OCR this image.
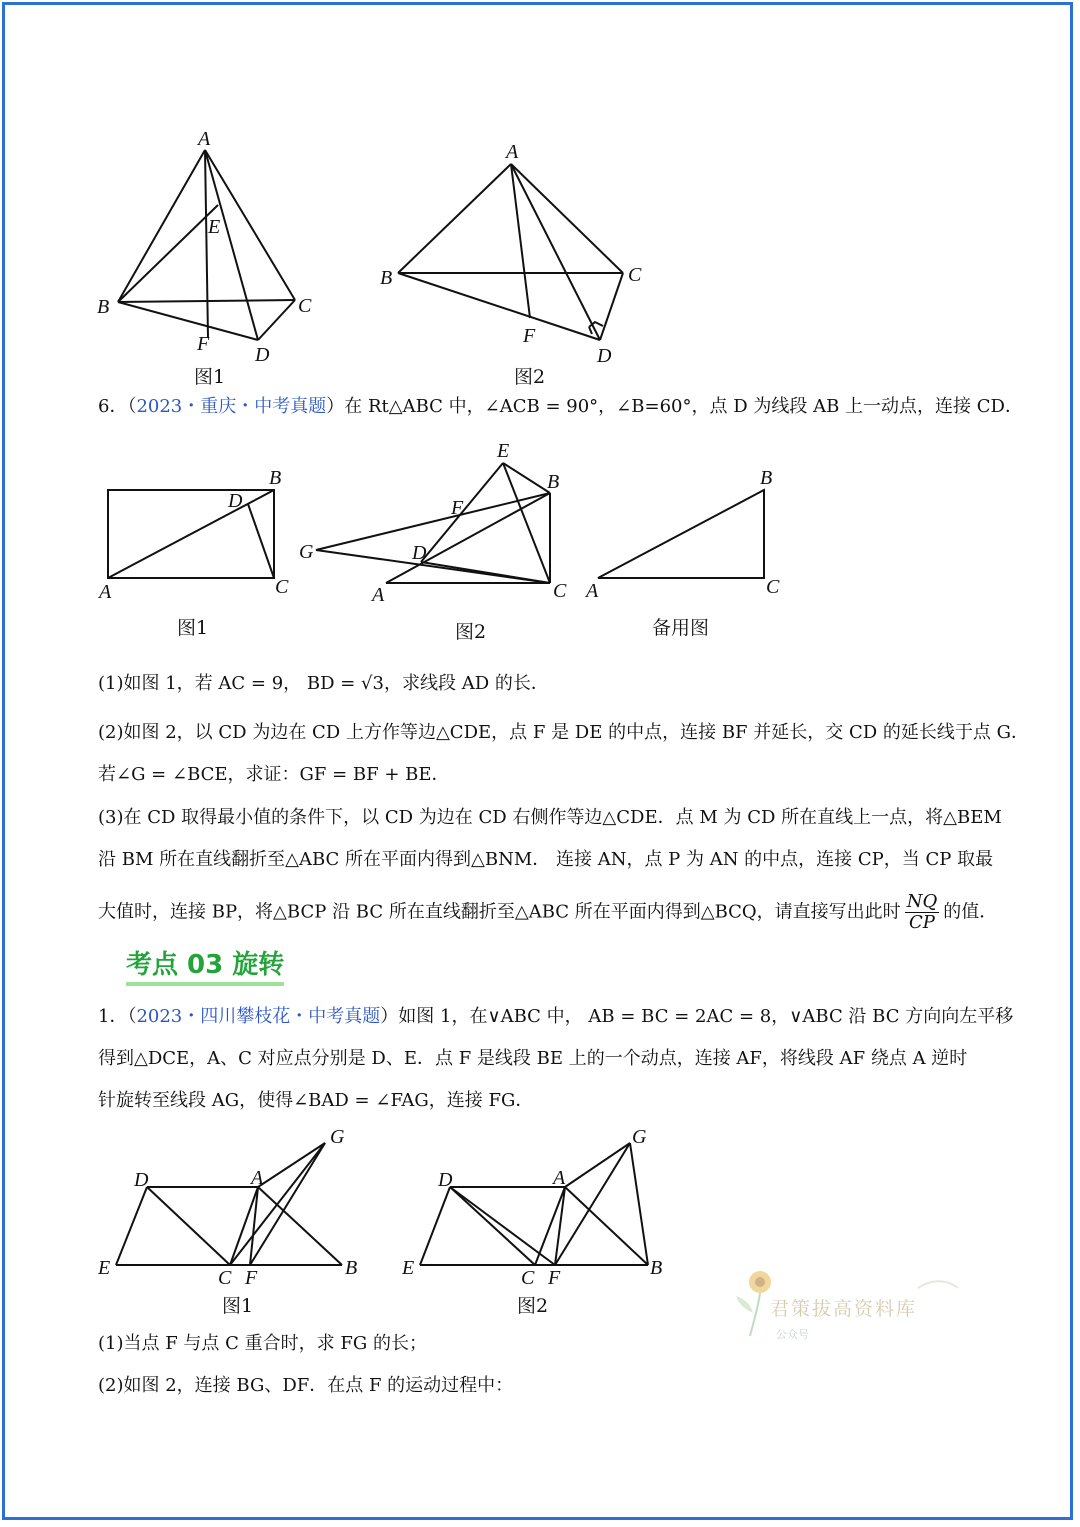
A
E
B	C
F D
图1
A
B	C
F
D
图2
6．（2023・重庆・中考真题）在 Rt△ABC 中，∠ACB = 90°，∠B=60°，点 D 为线段 AB 上一动点，连接 CD．
A
B
C
D
图1
E
B
F
G	D
A	C
图2
A
B
C
备用图
(1)如图 1，若 AC = 9， BD = √3，求线段 AD 的长．
(2)如图 2，以 CD 为边在 CD 上方作等边△CDE，点 F 是 DE 的中点，连接 BF 并延长，交 CD 的延长线于点 G．
若∠G = ∠BCE，求证：GF = BF + BE．
(3)在 CD 取得最小值的条件下，以 CD 为边在 CD 右侧作等边△CDE．点 M 为 CD 所在直线上一点，将△BEM
沿 BM 所在直线翻折至△ABC 所在平面内得到△BNM． 连接 AN，点 P 为 AN 的中点，连接 CP，当 CP 取最
大值时，连接 BP，将△BCP 沿 BC 所在直线翻折至△ABC 所在平面内得到△BCQ，请直接写出此时 $\frac{NQ}{CP}$ 的值．
考点 03 旋转
1．（2023・四川攀枝花・中考真题）如图 1，在∨ABC 中， AB = BC = 2AC = 8，∨ABC 沿 BC 方向向左平移
得到△DCE，A、C 对应点分别是 D、E．点 F 是线段 BE 上的一个动点，连接 AF，将线段 AF 绕点 A 逆时
针旋转至线段 AG，使得∠BAD = ∠FAG，连接 FG．
D	A
G
E	C F	B
图1
D	A
G
E	C F	B
图2	君策拔高资料库
公众号
(1)当点 F 与点 C 重合时，求 FG 的长；
(2)如图 2，连接 BG、DF．在点 F 的运动过程中：
